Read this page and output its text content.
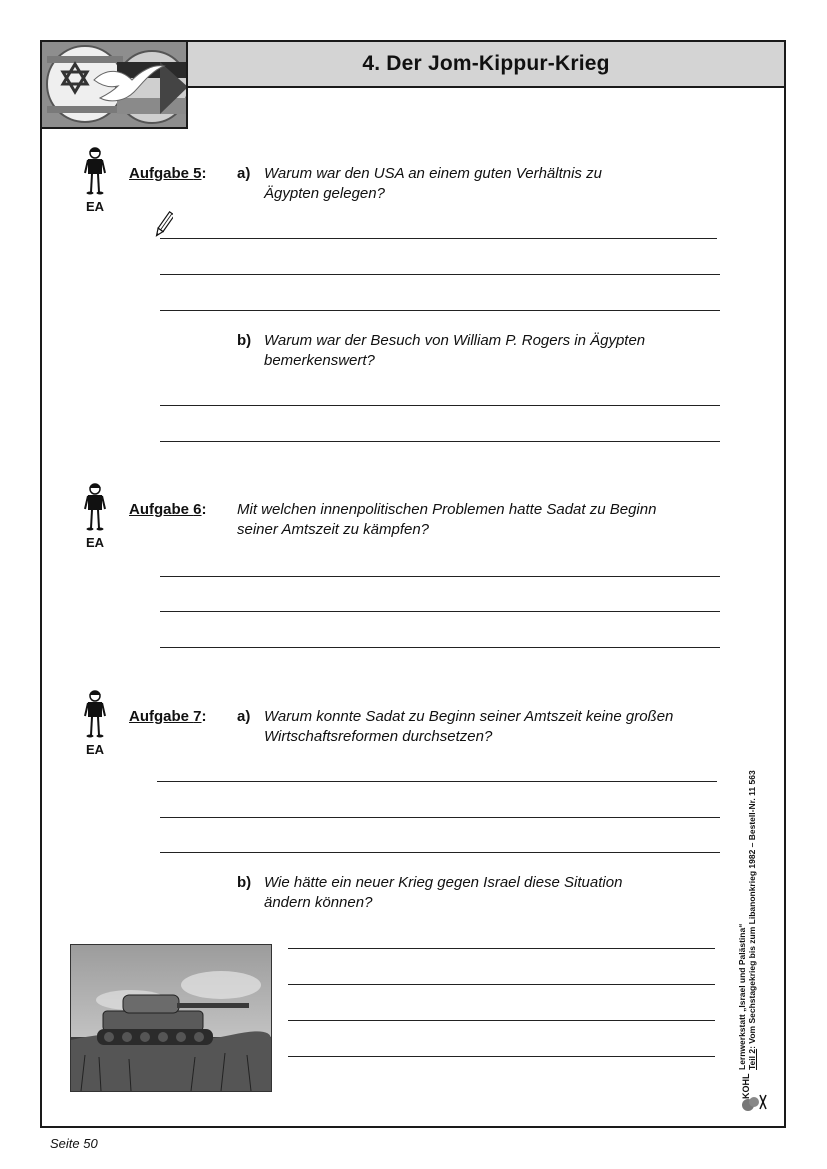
4. Der Jom-Kippur-Krieg
EA
Aufgabe 5: a) Warum war den USA an einem guten Verhältnis zu
Ägypten gelegen?
b) Warum war der Besuch von William P. Rogers in Ägypten
bemerkenswert?
EA
Aufgabe 6: Mit welchen innenpolitischen Problemen hatte Sadat zu Beginn
seiner Amtszeit zu kämpfen?
EA
Aufgabe 7: a) Warum konnte Sadat zu Beginn seiner Amtszeit keine großen
Wirtschaftsreformen durchsetzen?
b) Wie hätte ein neuer Krieg gegen Israel diese Situation
ändern können?
Lernwerkstatt „Israel und Palästina“ Teil 2: Vom Sechstagekrieg bis zum Libanonkrieg 1982 – Bestell-Nr. 11 563
KOHL
Seite 50
